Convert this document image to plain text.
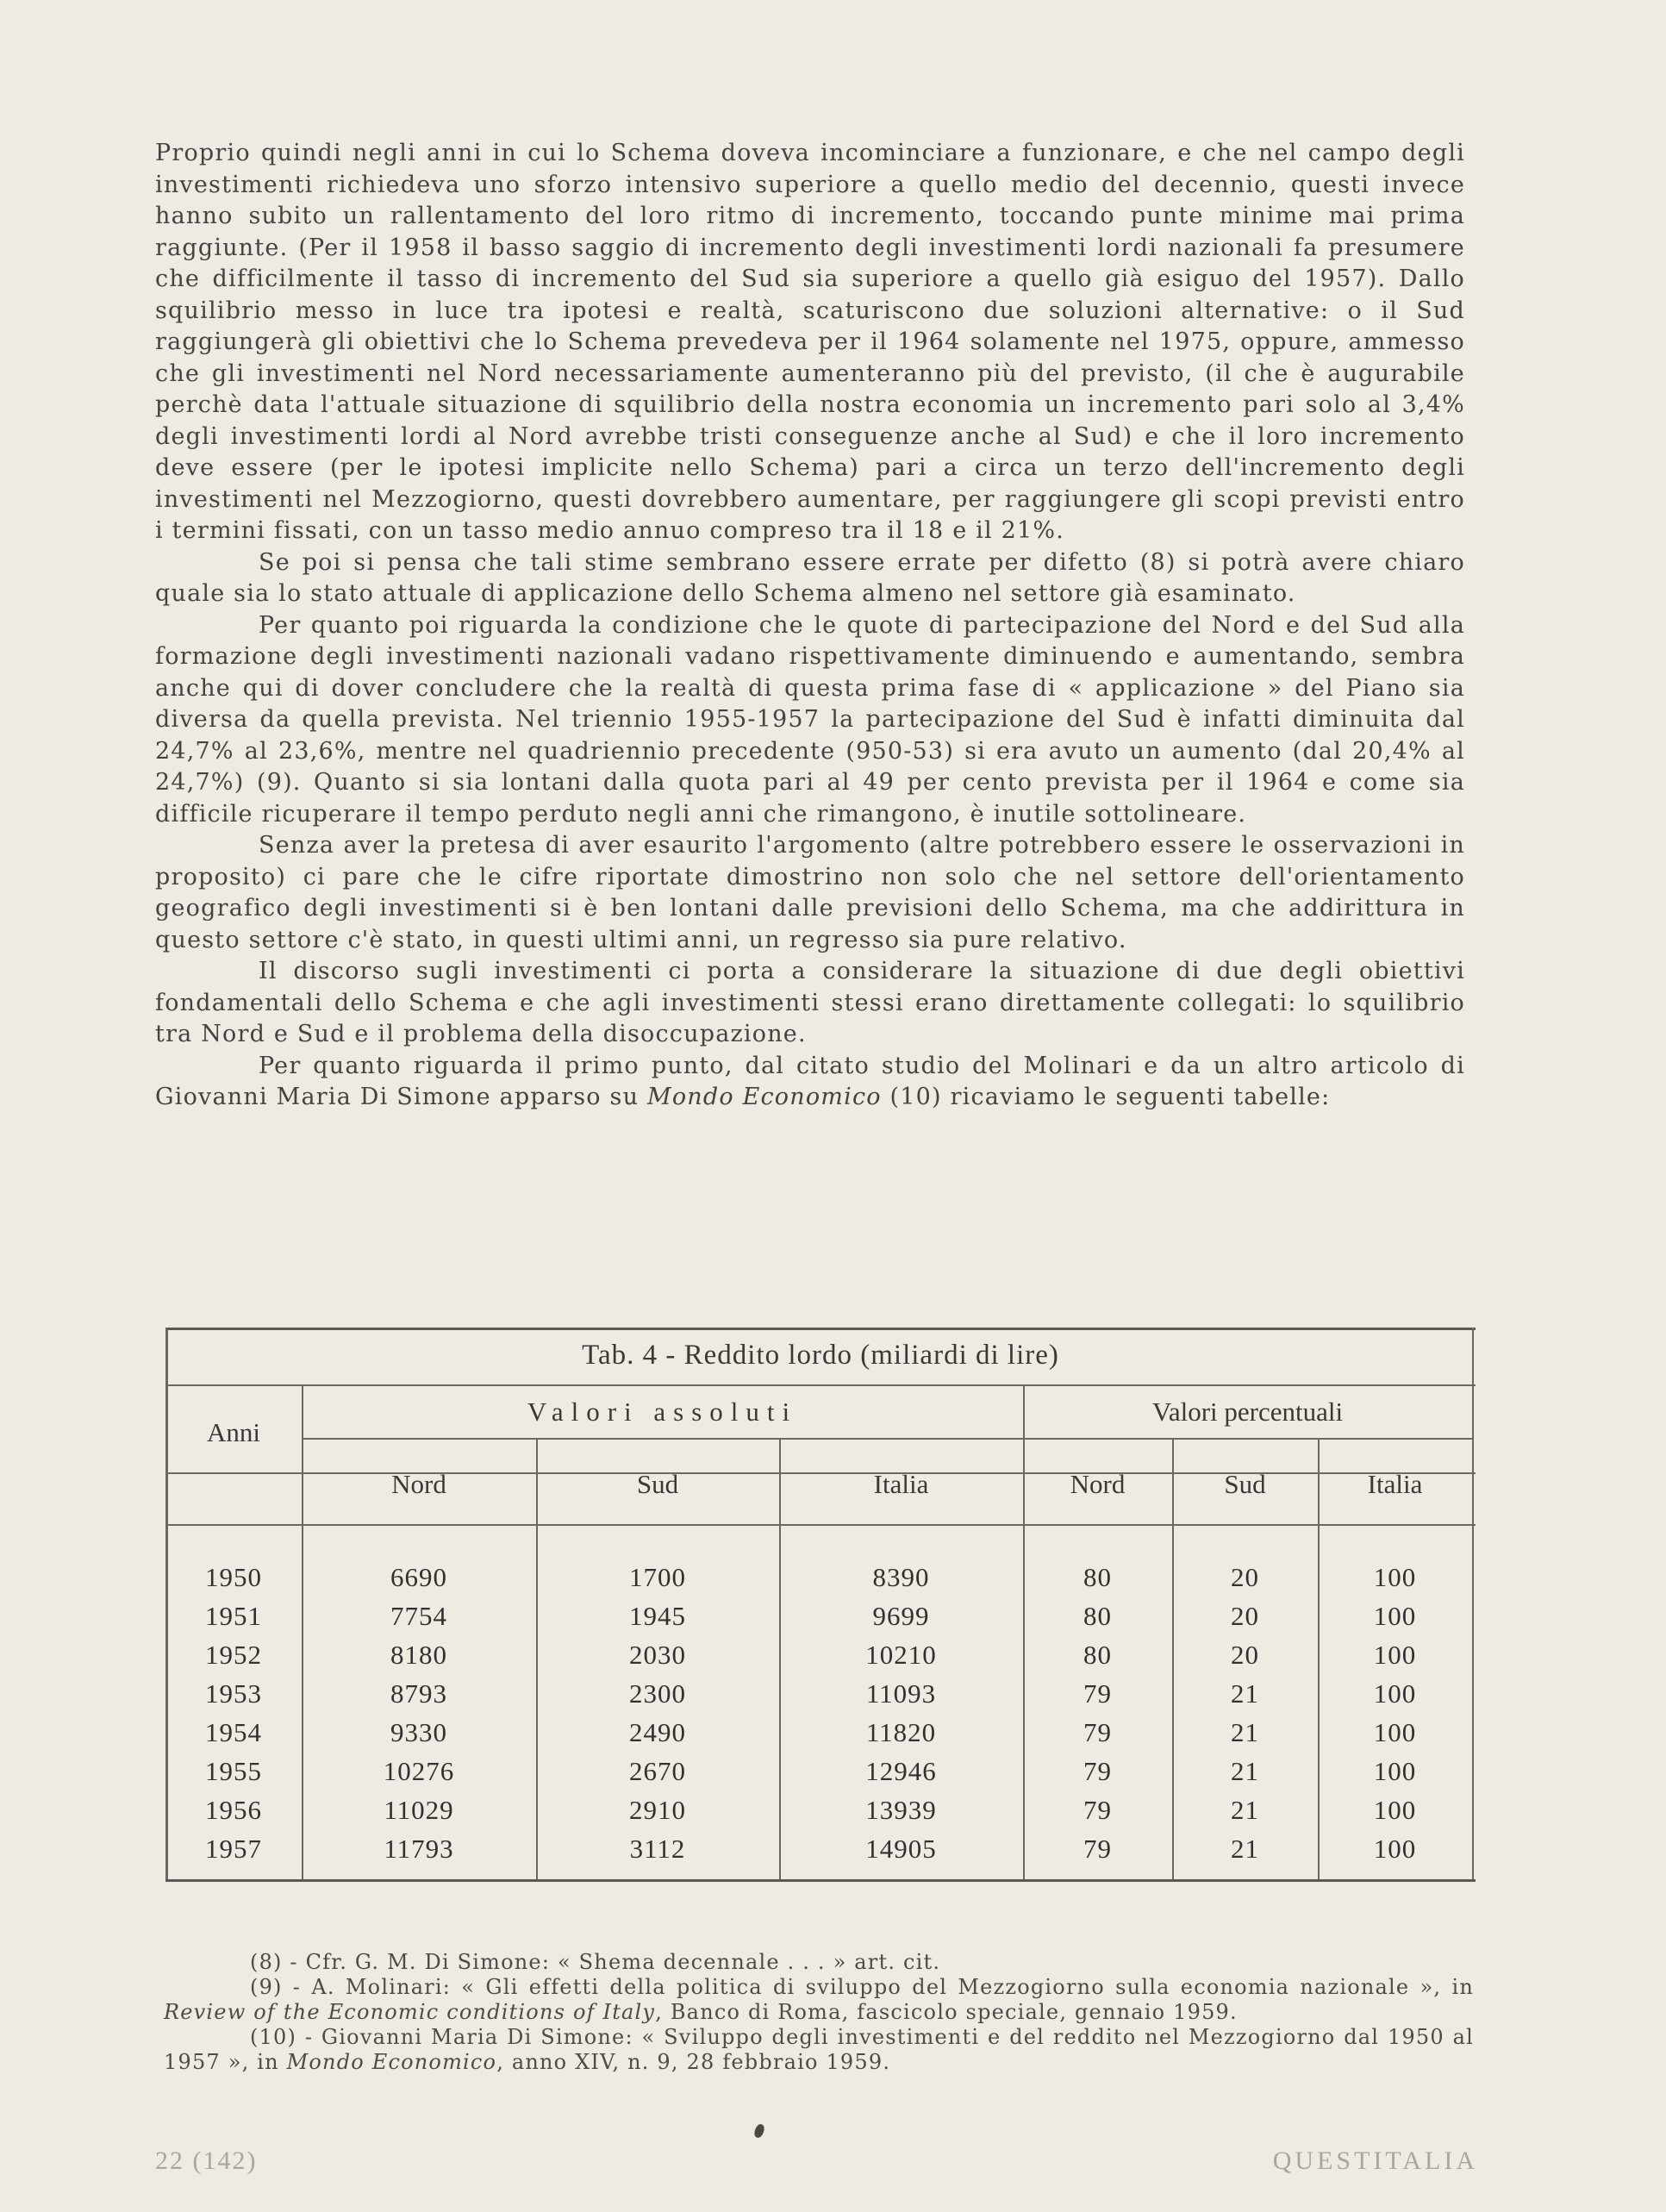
Proprio quindi negli anni in cui lo Schema doveva incominciare a funzionare, e che nel campo degli investimenti richiedeva uno sforzo intensivo superiore a quello medio del decennio, questi invece hanno subito un rallentamento del loro ritmo di incremento, toccando punte minime mai prima raggiunte. (Per il 1958 il basso saggio di incremento degli investimenti lordi nazionali fa presumere che difficilmente il tasso di incremento del Sud sia superiore a quello già esiguo del 1957). Dallo squilibrio messo in luce tra ipotesi e realtà, scaturiscono due soluzioni alternative: o il Sud raggiungerà gli obiettivi che lo Schema prevedeva per il 1964 solamente nel 1975, oppure, ammesso che gli investimenti nel Nord necessariamente aumenteranno più del previsto, (il che è augurabile perchè data l'attuale situazione di squilibrio della nostra economia un incremento pari solo al 3,4% degli investimenti lordi al Nord avrebbe tristi conseguenze anche al Sud) e che il loro incremento deve essere (per le ipotesi implicite nello Schema) pari a circa un terzo dell'incremento degli investimenti nel Mezzogiorno, questi dovrebbero aumentare, per raggiungere gli scopi previsti entro i termini fissati, con un tasso medio annuo compreso tra il 18 e il 21%.

Se poi si pensa che tali stime sembrano essere errate per difetto (8) si potrà avere chiaro quale sia lo stato attuale di applicazione dello Schema almeno nel settore già esaminato.

Per quanto poi riguarda la condizione che le quote di partecipazione del Nord e del Sud alla formazione degli investimenti nazionali vadano rispettivamente diminuendo e aumentando, sembra anche qui di dover concludere che la realtà di questa prima fase di « applicazione » del Piano sia diversa da quella prevista. Nel triennio 1955-1957 la partecipazione del Sud è infatti diminuita dal 24,7% al 23,6%, mentre nel quadriennio precedente (950-53) si era avuto un aumento (dal 20,4% al 24,7%) (9). Quanto si sia lontani dalla quota pari al 49 per cento prevista per il 1964 e come sia difficile ricuperare il tempo perduto negli anni che rimangono, è inutile sottolineare.

Senza aver la pretesa di aver esaurito l'argomento (altre potrebbero essere le osservazioni in proposito) ci pare che le cifre riportate dimostrino non solo che nel settore dell'orientamento geografico degli investimenti si è ben lontani dalle previsioni dello Schema, ma che addirittura in questo settore c'è stato, in questi ultimi anni, un regresso sia pure relativo.

Il discorso sugli investimenti ci porta a considerare la situazione di due degli obiettivi fondamentali dello Schema e che agli investimenti stessi erano direttamente collegati: lo squilibrio tra Nord e Sud e il problema della disoccupazione.

Per quanto riguarda il primo punto, dal citato studio del Molinari e da un altro articolo di Giovanni Maria Di Simone apparso su Mondo Economico (10) ricaviamo le seguenti tabelle:

Tab. 4 - Reddito lordo (miliardi di lire)
Anni
Valori assoluti	Valori percentuali
Nord	Sud	Italia	Nord	Sud	Italia
1950	6690	1700	8390	80	20	100
1951	7754	1945	9699	80	20	100
1952	8180	2030	10210	80	20	100
1953	8793	2300	11093	79	21	100
1954	9330	2490	11820	79	21	100
1955	10276	2670	12946	79	21	100
1956	11029	2910	13939	79	21	100
1957	11793	3112	14905	79	21	100

(8) - Cfr. G. M. Di Simone: « Shema decennale . . . » art. cit.

(9) - A. Molinari: « Gli effetti della politica di sviluppo del Mezzogiorno sulla economia nazionale », in Review of the Economic conditions of Italy, Banco di Roma, fascicolo speciale, gennaio 1959.

(10) - Giovanni Maria Di Simone: « Sviluppo degli investimenti e del reddito nel Mezzogiorno dal 1950 al 1957 », in Mondo Economico, anno XIV, n. 9, 28 febbraio 1959.

22 (142)	QUESTITALIA
